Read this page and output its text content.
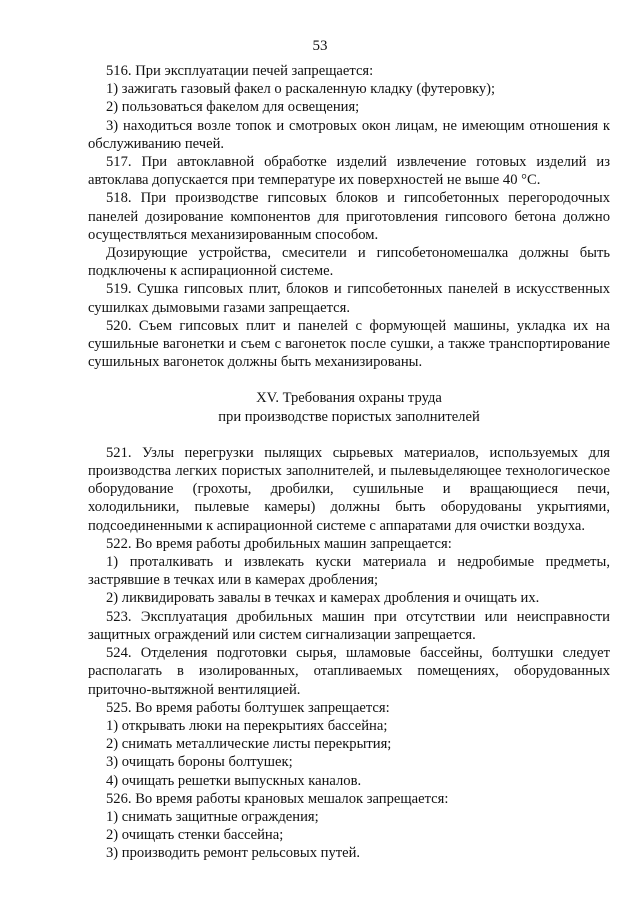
53

516. При эксплуатации печей запрещается:

1) зажигать газовый факел о раскаленную кладку (футеровку);

2) пользоваться факелом для освещения;

3) находиться возле топок и смотровых окон лицам, не имеющим отношения к обслуживанию печей.

517. При автоклавной обработке изделий извлечение готовых изделий из автоклава допускается при температуре их поверхностей не выше 40 °C.

518. При производстве гипсовых блоков и гипсобетонных перегородочных панелей дозирование компонентов для приготовления гипсового бетона должно осуществляться механизированным способом.

Дозирующие устройства, смесители и гипсобетономешалка должны быть подключены к аспирационной системе.

519. Сушка гипсовых плит, блоков и гипсобетонных панелей в искусственных сушилках дымовыми газами запрещается.

520. Съем гипсовых плит и панелей с формующей машины, укладка их на сушильные вагонетки и съем с вагонеток после сушки, а также транспортирование сушильных вагонеток должны быть механизированы.

XV. Требования охраны труда

при производстве пористых заполнителей

521. Узлы перегрузки пылящих сырьевых материалов, используемых для производства легких пористых заполнителей, и пылевыделяющее технологическое оборудование (грохоты, дробилки, сушильные и вращающиеся печи, холодильники, пылевые камеры) должны быть оборудованы укрытиями, подсоединенными к аспирационной системе с аппаратами для очистки воздуха.

522. Во время работы дробильных машин запрещается:

1) проталкивать и извлекать куски материала и недробимые предметы, застрявшие в течках или в камерах дробления;

2) ликвидировать завалы в течках и камерах дробления и очищать их.

523. Эксплуатация дробильных машин при отсутствии или неисправности защитных ограждений или систем сигнализации запрещается.

524. Отделения подготовки сырья, шламовые бассейны, болтушки следует располагать в изолированных, отапливаемых помещениях, оборудованных приточно-вытяжной вентиляцией.

525. Во время работы болтушек запрещается:

1) открывать люки на перекрытиях бассейна;

2) снимать металлические листы перекрытия;

3) очищать бороны болтушек;

4) очищать решетки выпускных каналов.

526. Во время работы крановых мешалок запрещается:

1) снимать защитные ограждения;

2) очищать стенки бассейна;

3) производить ремонт рельсовых путей.
